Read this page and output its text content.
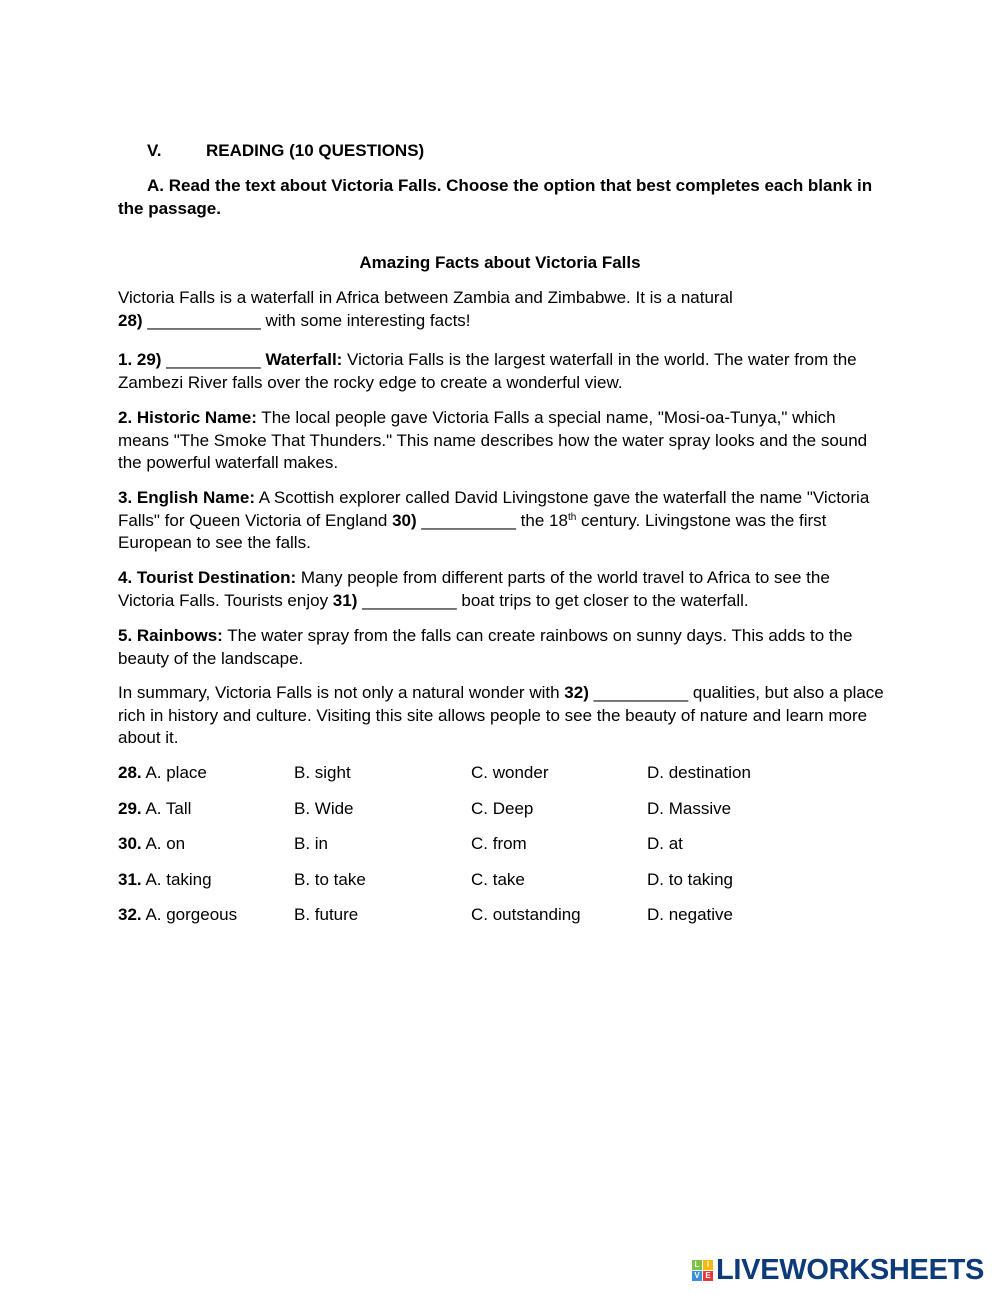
V.	READING (10 QUESTIONS)
A. Read the text about Victoria Falls. Choose the option that best completes each blank in the passage.
Amazing Facts about Victoria Falls
Victoria Falls is a waterfall in Africa between Zambia and Zimbabwe. It is a natural
28) ____________ with some interesting facts!
1. 29) __________ Waterfall: Victoria Falls is the largest waterfall in the world. The water from the Zambezi River falls over the rocky edge to create a wonderful view.
2. Historic Name: The local people gave Victoria Falls a special name, "Mosi-oa-Tunya," which means "The Smoke That Thunders." This name describes how the water spray looks and the sound the powerful waterfall makes.
3. English Name: A Scottish explorer called David Livingstone gave the waterfall the name "Victoria Falls" for Queen Victoria of England 30) __________ the 18th century. Livingstone was the first European to see the falls.
4. Tourist Destination: Many people from different parts of the world travel to Africa to see the Victoria Falls. Tourists enjoy 31) __________ boat trips to get closer to the waterfall.
5. Rainbows: The water spray from the falls can create rainbows on sunny days. This adds to the beauty of the landscape.
In summary, Victoria Falls is not only a natural wonder with 32) __________ qualities, but also a place rich in history and culture. Visiting this site allows people to see the beauty of nature and learn more about it.
28. A. place	B. sight	C. wonder	D. destination
29. A. Tall	B. Wide	C. Deep	D. Massive
30. A. on	B. in	C. from	D. at
31. A. taking	B. to take	C. take	D. to taking
32. A. gorgeous	B. future	C. outstanding	D. negative
L I
V E LIVEWORKSHEETS
